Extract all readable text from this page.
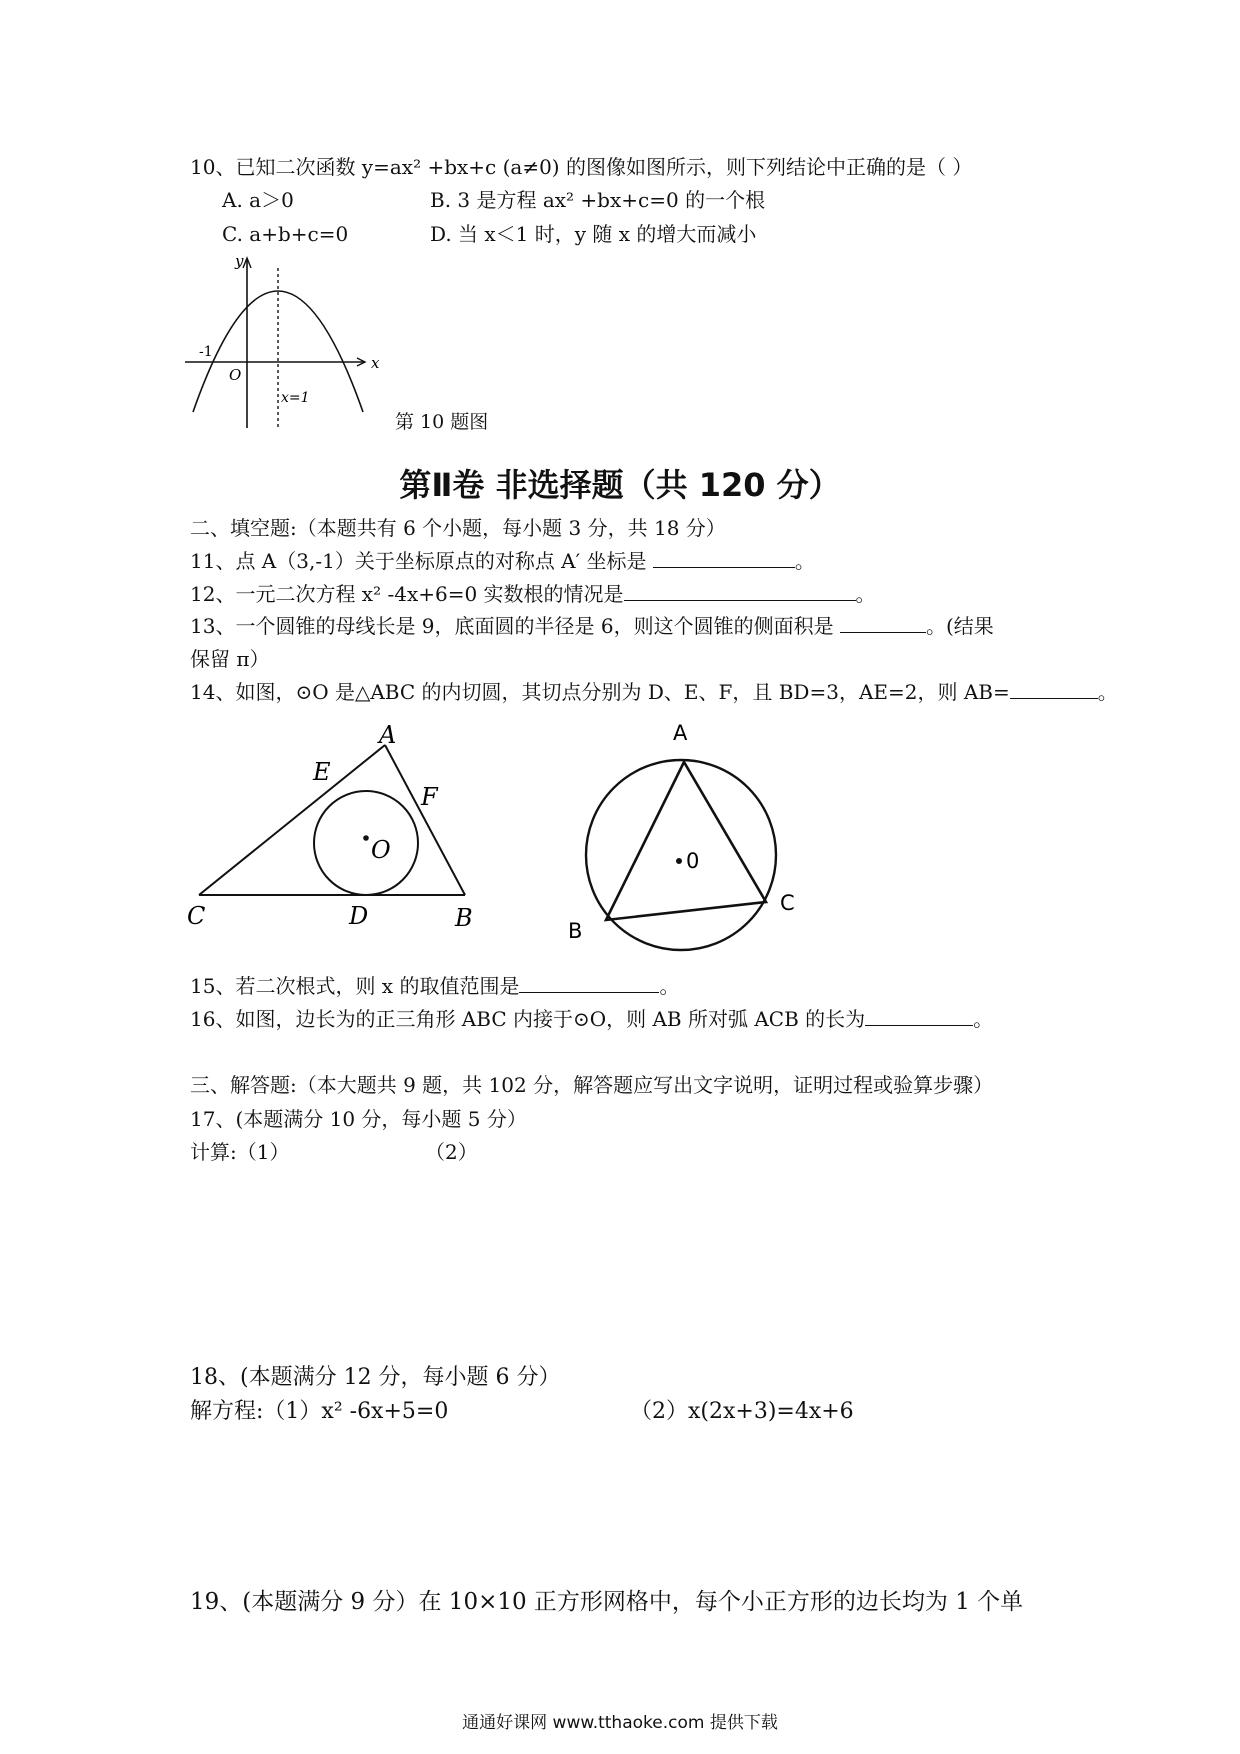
10、已知二次函数 y=ax² +bx+c (a≠0) 的图像如图所示，则下列结论中正确的是（ ）
A. a＞0	B. 3 是方程 ax² +bx+c=0 的一个根
C. a+b+c=0	D. 当 x＜1 时，y 随 x 的增大而减小
y
x
O
-1
x=1
第 10 题图
第Ⅱ卷 非选择题（共 120 分）
二、填空题:（本题共有 6 个小题，每小题 3 分，共 18 分）
11、点 A（3,-1）关于坐标原点的对称点 A′ 坐标是	。
12、一元二次方程 x² -4x+6=0 实数根的情况是	。
13、一个圆锥的母线长是 9，底面圆的半径是 6，则这个圆锥的侧面积是	。(结果
保留 π）
14、如图，⊙O 是△ABC 的内切圆，其切点分别为 D、E、F，且 BD=3，AE=2，则 AB=	。
O
A
E
F
C	D	B
0
A
B
C
15、若二次根式，则 x 的取值范围是	。
16、如图，边长为的正三角形 ABC 内接于⊙O，则 AB 所对弧 ACB 的长为	。
三、解答题:（本大题共 9 题，共 102 分，解答题应写出文字说明，证明过程或验算步骤）
17、(本题满分 10 分，每小题 5 分）
计算:（1）	（2）
18、(本题满分 12 分，每小题 6 分）
解方程:（1）x² -6x+5=0	（2）x(2x+3)=4x+6
19、(本题满分 9 分）在 10×10 正方形网格中，每个小正方形的边长均为 1 个单
通通好课网 www.tthaoke.com 提供下载
